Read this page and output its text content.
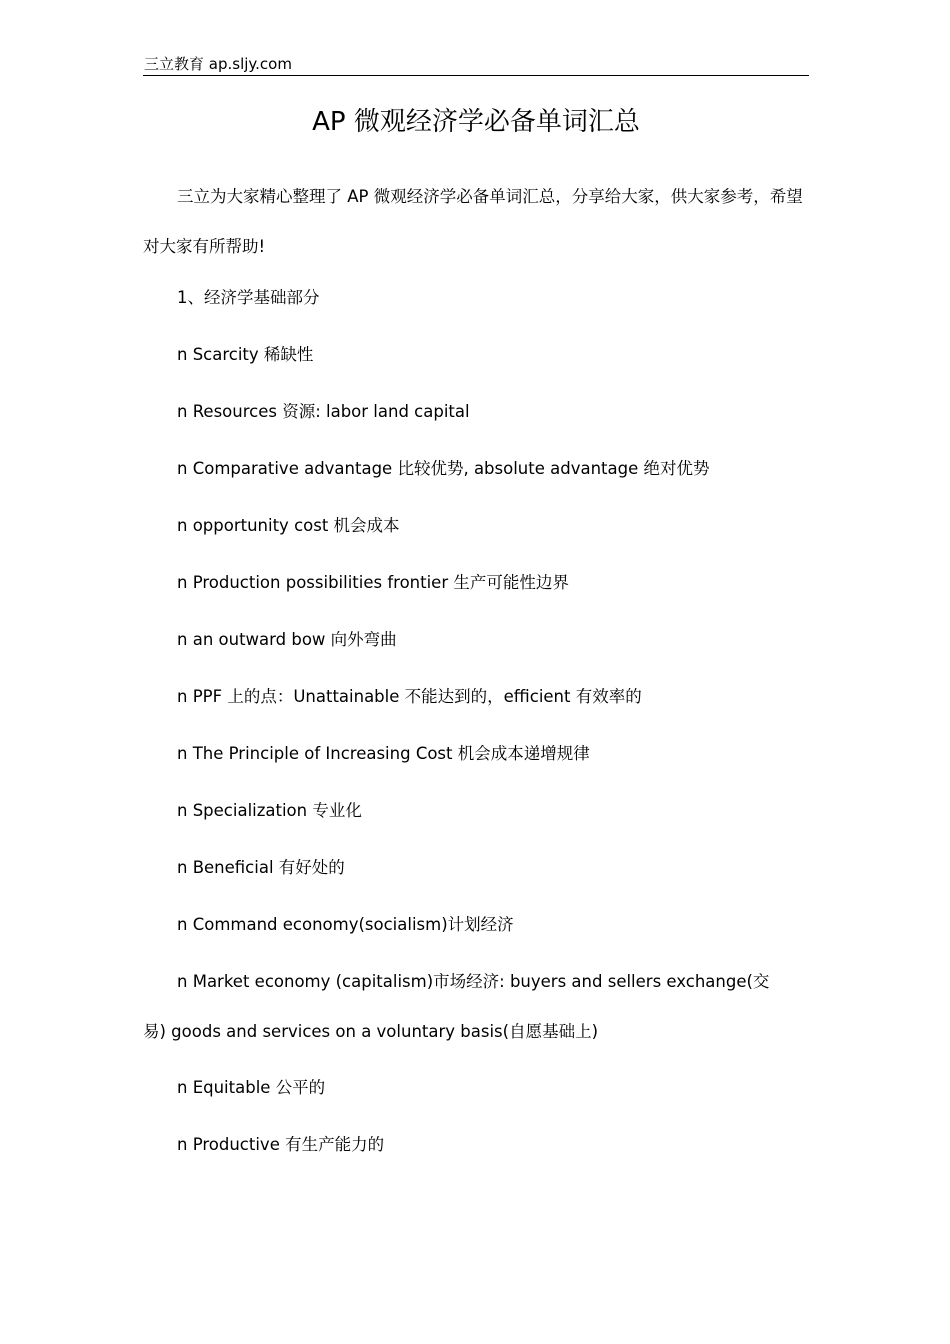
三立教育 ap.sljy.com
AP 微观经济学必备单词汇总

三立为大家精心整理了 AP 微观经济学必备单词汇总，分享给大家，供大家参考，希望对大家有所帮助!

1、经济学基础部分

n Scarcity 稀缺性

n Resources 资源: labor land capital

n Comparative advantage 比较优势, absolute advantage 绝对优势

n opportunity cost 机会成本

n Production possibilities frontier 生产可能性边界

n an outward bow 向外弯曲

n PPF 上的点：Unattainable 不能达到的，efficient 有效率的

n The Principle of Increasing Cost 机会成本递增规律

n Specialization 专业化

n Beneficial 有好处的

n Command economy(socialism)计划经济

n Market economy (capitalism)市场经济: buyers and sellers exchange(交易) goods and services on a voluntary basis(自愿基础上)

n Equitable 公平的

n Productive 有生产能力的
